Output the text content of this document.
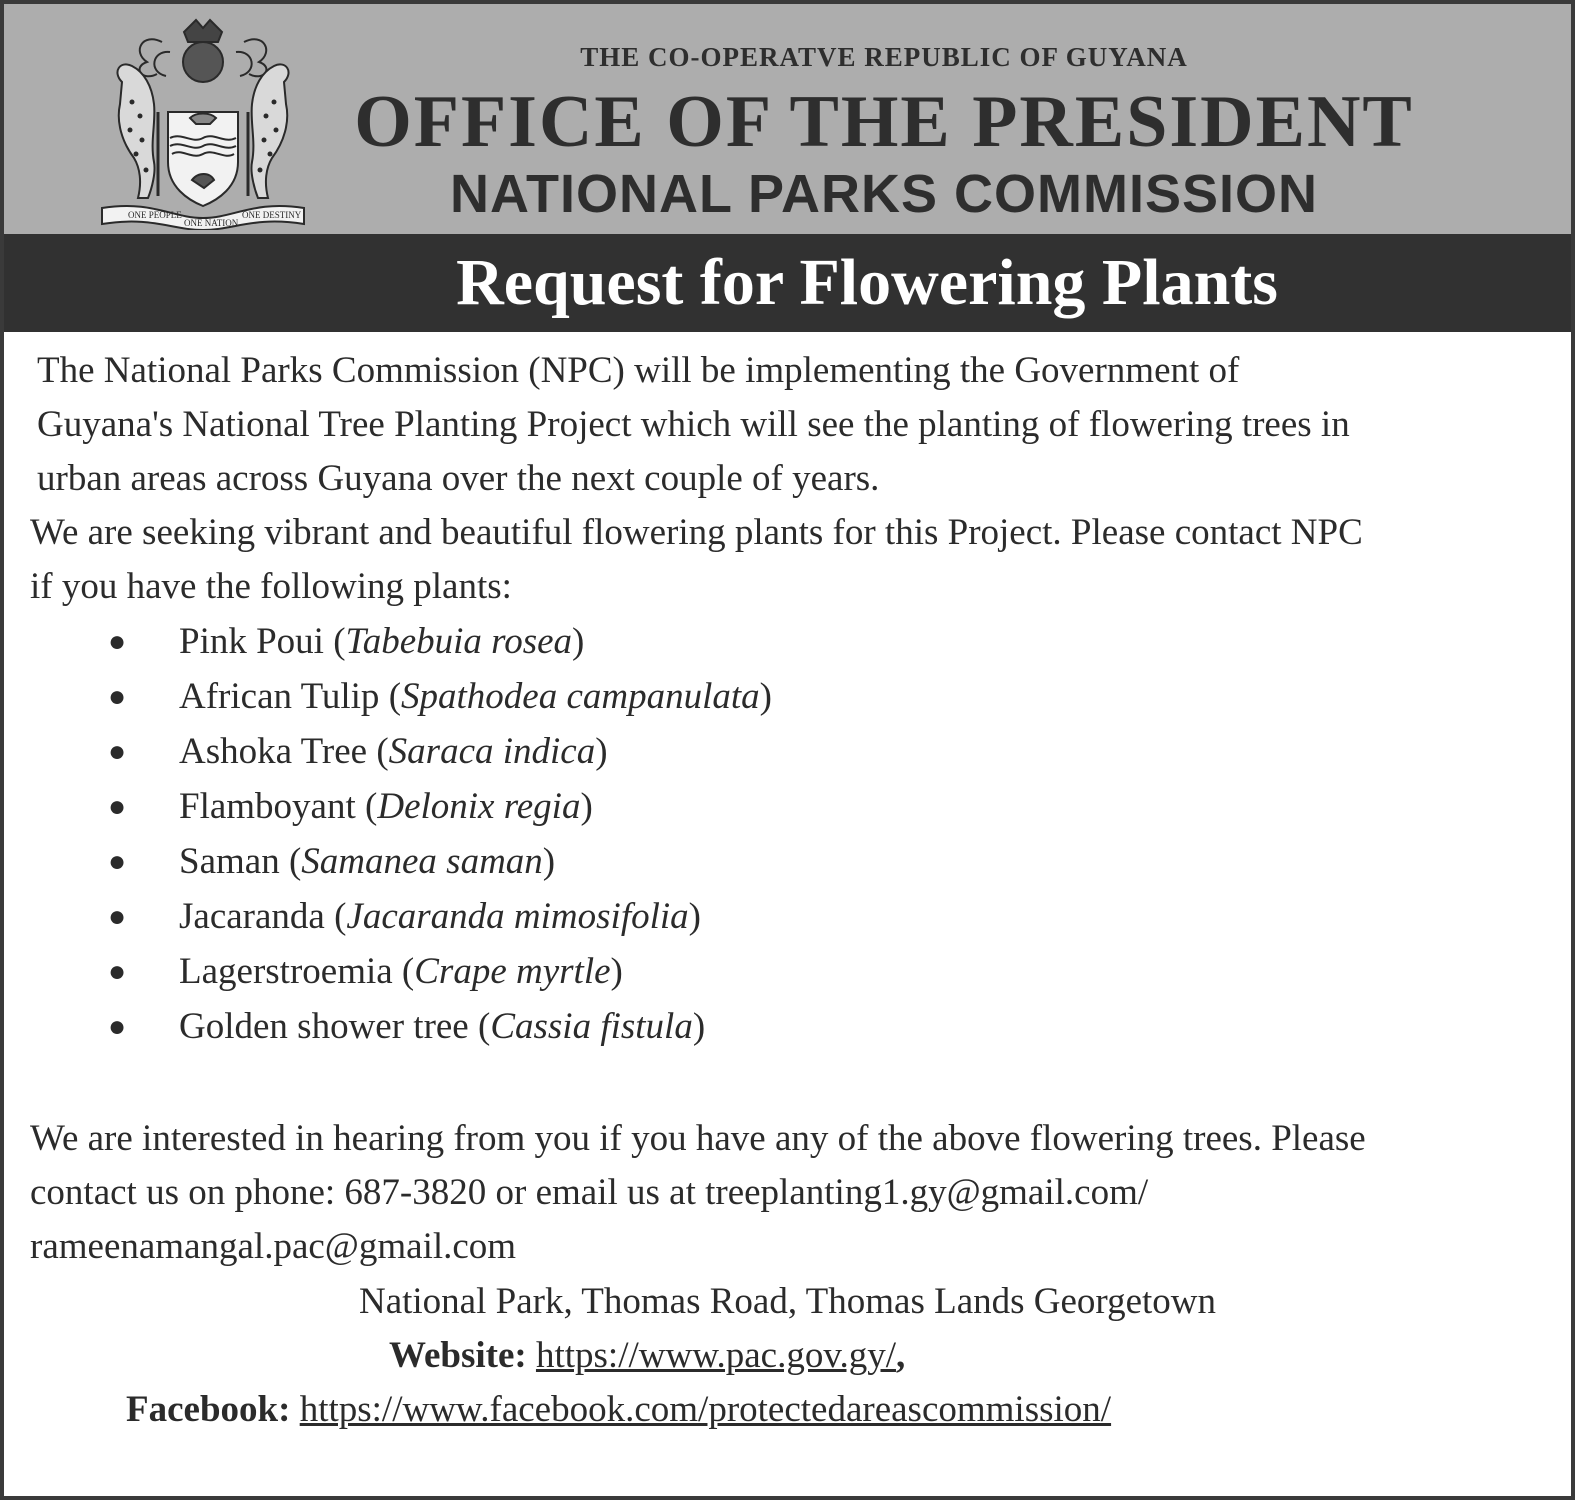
ONE PEOPLE
ONE NATION
ONE DESTINY
THE CO-OPERATVE REPUBLIC OF GUYANA
OFFICE OF THE PRESIDENT
NATIONAL PARKS COMMISSION
Request for Flowering Plants

The National Parks Commission (NPC) will be implementing the Government of
Guyana's National Tree Planting Project which will see the planting of flowering trees in
urban areas across Guyana over the next couple of years.

We are seeking vibrant and beautiful flowering plants for this Project. Please contact NPC
if you have the following plants:

● Pink Poui (Tabebuia rosea)
● African Tulip (Spathodea campanulata)
● Ashoka Tree (Saraca indica)
● Flamboyant (Delonix regia)
● Saman (Samanea saman)
● Jacaranda (Jacaranda mimosifolia)
● Lagerstroemia (Crape myrtle)
● Golden shower tree (Cassia fistula)

We are interested in hearing from you if you have any of the above flowering trees. Please
contact us on phone: 687-3820 or email us at treeplanting1.gy@gmail.com/
rameenamangal.pac@gmail.com

National Park, Thomas Road, Thomas Lands Georgetown
Website: https://www.pac.gov.gy/,
Facebook: https://www.facebook.com/protectedareascommission/
